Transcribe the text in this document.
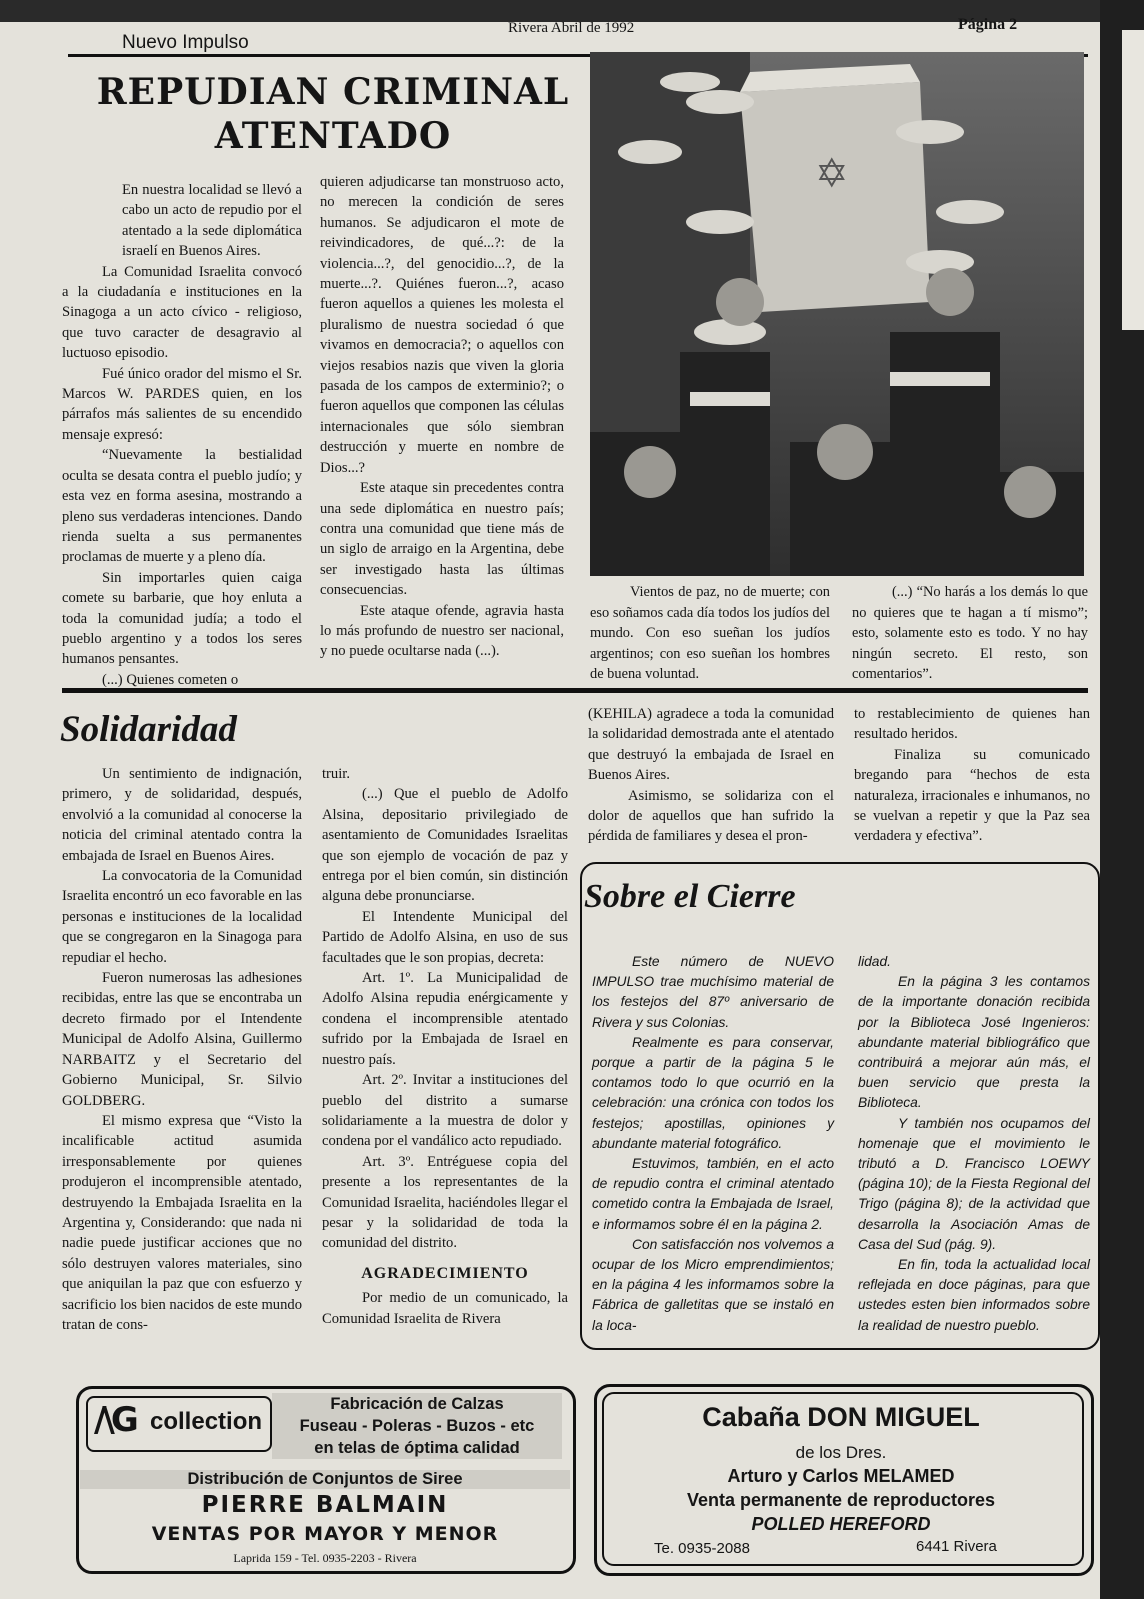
Nuevo Impulso
Rivera Abril de 1992	Página 2
REPUDIAN CRIMINAL
ATENTADO

En nuestra localidad se llevó a cabo un acto de repudio por el atentado a la sede diplomática israelí en Buenos Aires.

La Comunidad Israelita convocó a la ciudadanía e instituciones en la Sinagoga a un acto cívico - religioso, que tuvo caracter de desagravio al luctuoso episodio.

Fué único orador del mismo el Sr. Marcos W. PARDES quien, en los párrafos más salientes de su encendido mensaje expresó:

“Nuevamente la bestialidad oculta se desata contra el pueblo judío; y esta vez en forma asesina, mostrando a pleno sus verdaderas intenciones. Dando rienda suelta a sus permanentes proclamas de muerte y a pleno día.

Sin importarles quien caiga comete su barbarie, que hoy enluta a toda la comunidad judía; a todo el pueblo argentino y a todos los seres humanos pensantes.

(...) Quienes cometen o

quieren adjudicarse tan monstruoso acto, no merecen la condición de seres humanos. Se adjudicaron el mote de reivindicadores, de qué...?: de la violencia...?, del genocidio...?, de la muerte...?. Quiénes fueron...?, acaso fueron aquellos a quienes les molesta el pluralismo de nuestra sociedad ó que vivamos en democracia?; o aquellos con viejos resabios nazis que viven la gloria pasada de los campos de exterminio?; o fueron aquellos que componen las células internacionales que sólo siembran destrucción y muerte en nombre de Dios...?

Este ataque sin precedentes contra una sede diplomática en nuestro país; contra una comunidad que tiene más de un siglo de arraigo en la Argentina, debe ser investigado hasta las últimas consecuencias.

Este ataque ofende, agravia hasta lo más profundo de nuestro ser nacional, y no puede ocultarse nada (...).

✡

Vientos de paz, no de muerte; con eso soñamos cada día todos los judíos del mundo. Con eso sueñan los judíos argentinos; con eso sueñan los hombres de buena voluntad.

(...) “No harás a los demás lo que no quieres que te hagan a tí mismo”; esto, solamente esto es todo. Y no hay ningún secreto. El resto, son comentarios”.

Solidaridad

Un sentimiento de indignación, primero, y de solidaridad, después, envolvió a la comunidad al conocerse la noticia del criminal atentado contra la embajada de Israel en Buenos Aires.

La convocatoria de la Comunidad Israelita encontró un eco favorable en las personas e instituciones de la localidad que se congregaron en la Sinagoga para repudiar el hecho.

Fueron numerosas las adhesiones recibidas, entre las que se encontraba un decreto firmado por el Intendente Municipal de Adolfo Alsina, Guillermo NARBAITZ y el Secretario del Gobierno Municipal, Sr. Silvio GOLDBERG.

El mismo expresa que “Visto la incalificable actitud asumida irresponsablemente por quienes produjeron el incomprensible atentado, destruyendo la Embajada Israelita en la Argentina y, Considerando: que nada ni nadie puede justificar acciones que no sólo destruyen valores materiales, sino que aniquilan la paz que con esfuerzo y sacrificio los bien nacidos de este mundo tratan de cons-

truir.

(...) Que el pueblo de Adolfo Alsina, depositario privilegiado de asentamiento de Comunidades Israelitas que son ejemplo de vocación de paz y entrega por el bien común, sin distinción alguna debe pronunciarse.

El Intendente Municipal del Partido de Adolfo Alsina, en uso de sus facultades que le son propias, decreta:

Art. 1º. La Municipalidad de Adolfo Alsina repudia enérgicamente y condena el incomprensible atentado sufrido por la Embajada de Israel en nuestro país.

Art. 2º. Invitar a instituciones del pueblo del distrito a sumarse solidariamente a la muestra de dolor y condena por el vandálico acto repudiado.

Art. 3º. Entréguese copia del presente a los representantes de la Comunidad Israelita, haciéndoles llegar el pesar y la solidaridad de toda la comunidad del distrito.

AGRADECIMIENTO

Por medio de un comunicado, la Comunidad Israelita de Rivera

(KEHILA) agradece a toda la comunidad la solidaridad demostrada ante el atentado que destruyó la embajada de Israel en Buenos Aires.

Asimismo, se solidariza con el dolor de aquellos que han sufrido la pérdida de familiares y desea el pron-

to restablecimiento de quienes han resultado heridos.

Finaliza su comunicado bregando para “hechos de esta naturaleza, irracionales e inhumanos, no se vuelvan a repetir y que la Paz sea verdadera y efectiva”.

Sobre el Cierre

Este número de NUEVO IMPULSO trae muchísimo material de los festejos del 87º aniversario de Rivera y sus Colonias.

Realmente es para conservar, porque a partir de la página 5 le contamos todo lo que ocurrió en la celebración: una crónica con todos los festejos; apostillas, opiniones y abundante material fotográfico.

Estuvimos, también, en el acto de repudio contra el criminal atentado cometido contra la Embajada de Israel, e informamos sobre él en la página 2.

Con satisfacción nos volvemos a ocupar de los Micro emprendimientos; en la página 4 les informamos sobre la Fábrica de galletitas que se instaló en la loca-

lidad.

En la página 3 les contamos de la importante donación recibida por la Biblioteca José Ingenieros: abundante material bibliográfico que contribuirá a mejorar aún más, el buen servicio que presta la Biblioteca.

Y también nos ocupamos del homenaje que el movimiento le tributó a D. Francisco LOEWY (página 10); de la Fiesta Regional del Trigo (página 8); de la actividad que desarrolla la Asociación Amas de Casa del Sud (pág. 9).

En fin, toda la actualidad local reflejada en doce páginas, para que ustedes esten bien informados sobre la realidad de nuestro pueblo.

/\G collection
Fabricación de Calzas
Fuseau - Poleras - Buzos - etc
en telas de óptima calidad
Distribución de Conjuntos de Siree
PIERRE BALMAIN
VENTAS POR MAYOR Y MENOR
Laprida 159 - Tel. 0935-2203 - Rivera
Cabaña DON MIGUEL
de los Dres.
Arturo y Carlos MELAMED
Venta permanente de reproductores
POLLED HEREFORD
Te. 0935-2088	6441 Rivera
